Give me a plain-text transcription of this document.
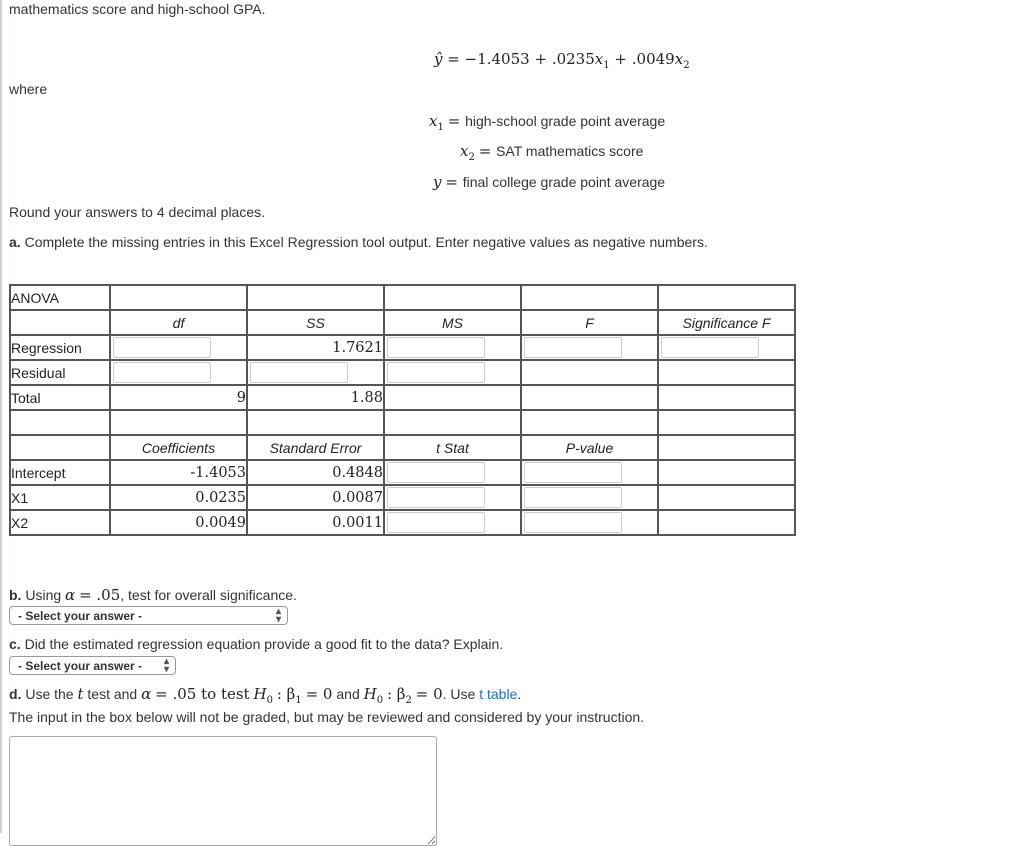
mathematics score and high-school GPA.
ŷ = $-1.4053 + .0235x_1 + .0049x_2$
where
$x_1$ = high-school grade point average
$x_2$ = SAT mathematics score
y = final college grade point average
Round your answers to 4 decimal places.
a. Complete the missing entries in this Excel Regression tool output. Enter negative values as negative numbers.
ANOVA					
	df	SS	MS	F	Significance F
Regression		1.7621	

Residual	

Total	9	1.88			

	Coefficients	Standard Error	t Stat	P-value	
Intercept	-1.4053	0.4848	

X1	0.0235	0.0087	

X2	0.0049	0.0011	

b. Using α = .05, test for overall significance.
- Select your answer -	▴
▾
c. Did the estimated regression equation provide a good fit to the data? Explain.
- Select your answer - ▴
▾
d. Use the t test and α = .05 to test $H_0$ : $\beta_1 = 0$ and $H_0$ : $\beta_2 = 0$. Use t table.
The input in the box below will not be graded, but may be reviewed and considered by your instruction.
